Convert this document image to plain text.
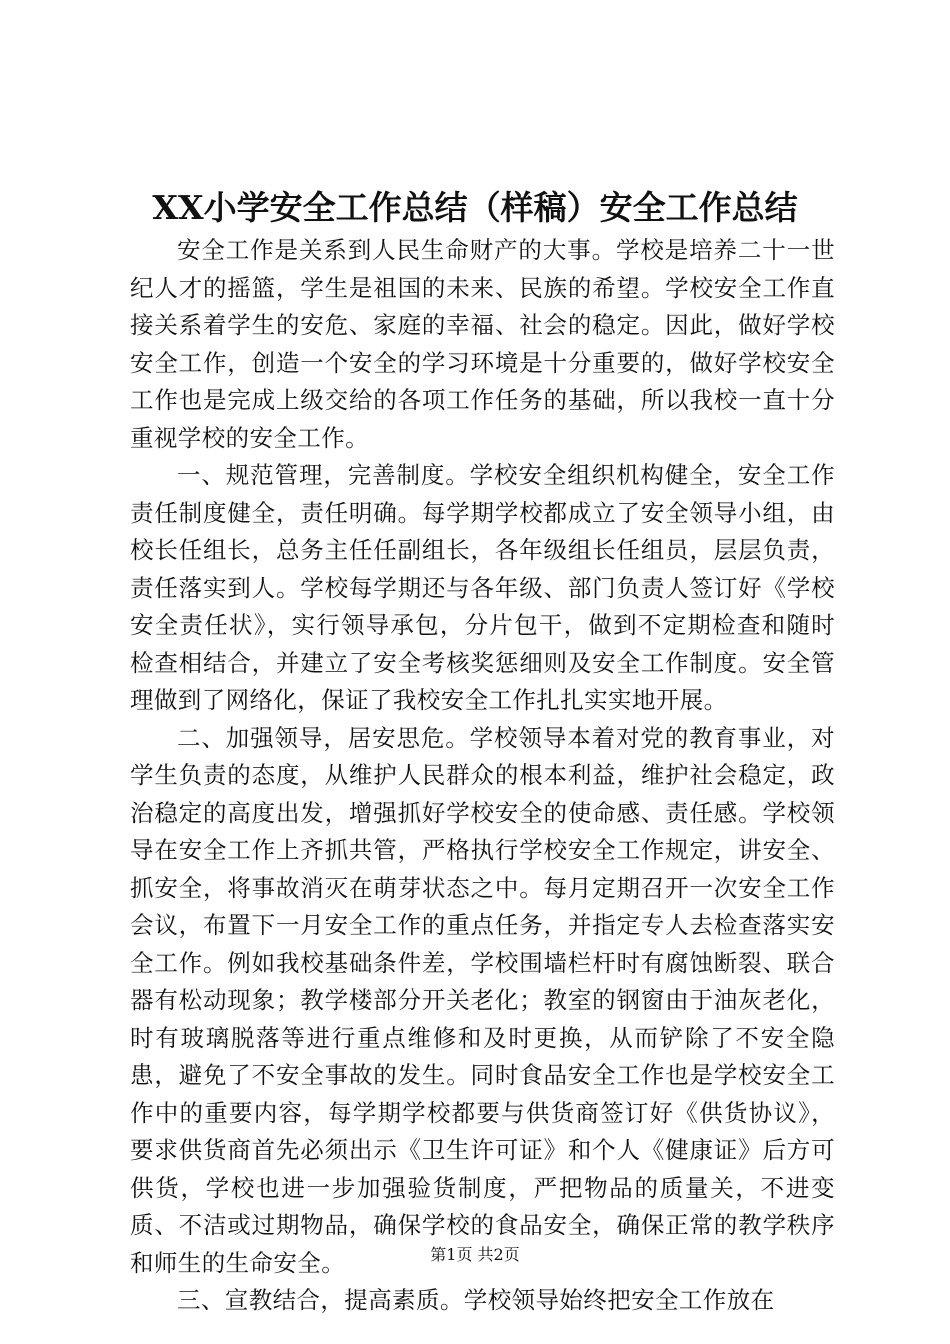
XX小学安全工作总结（样稿）安全工作总结

安全工作是关系到人民生命财产的大事。学校是培养二十一世纪人才的摇篮，学生是祖国的未来、民族的希望。学校安全工作直接关系着学生的安危、家庭的幸福、社会的稳定。因此，做好学校安全工作，创造一个安全的学习环境是十分重要的，做好学校安全工作也是完成上级交给的各项工作任务的基础，所以我校一直十分重视学校的安全工作。

一、规范管理，完善制度。学校安全组织机构健全，安全工作责任制度健全，责任明确。每学期学校都成立了安全领导小组，由校长任组长，总务主任任副组长，各年级组长任组员，层层负责，责任落实到人。学校每学期还与各年级、部门负责人签订好《学校安全责任状》，实行领导承包，分片包干，做到不定期检查和随时检查相结合，并建立了安全考核奖惩细则及安全工作制度。安全管理做到了网络化，保证了我校安全工作扎扎实实地开展。

二、加强领导，居安思危。学校领导本着对党的教育事业，对学生负责的态度，从维护人民群众的根本利益，维护社会稳定，政治稳定的高度出发，增强抓好学校安全的使命感、责任感。学校领导在安全工作上齐抓共管，严格执行学校安全工作规定，讲安全、抓安全，将事故消灭在萌芽状态之中。每月定期召开一次安全工作会议，布置下一月安全工作的重点任务，并指定专人去检查落实安全工作。例如我校基础条件差，学校围墙栏杆时有腐蚀断裂、联合器有松动现象；教学楼部分开关老化；教室的钢窗由于油灰老化，时有玻璃脱落等进行重点维修和及时更换，从而铲除了不安全隐患，避免了不安全事故的发生。同时食品安全工作也是学校安全工作中的重要内容，每学期学校都要与供货商签订好《供货协议》，要求供货商首先必须出示《卫生许可证》和个人《健康证》后方可供货，学校也进一步加强验货制度，严把物品的质量关，不进变质、不洁或过期物品，确保学校的食品安全，确保正常的教学秩序和师生的生命安全。

三、宣教结合，提高素质。学校领导始终把安全工作放在

第1页 共2页
